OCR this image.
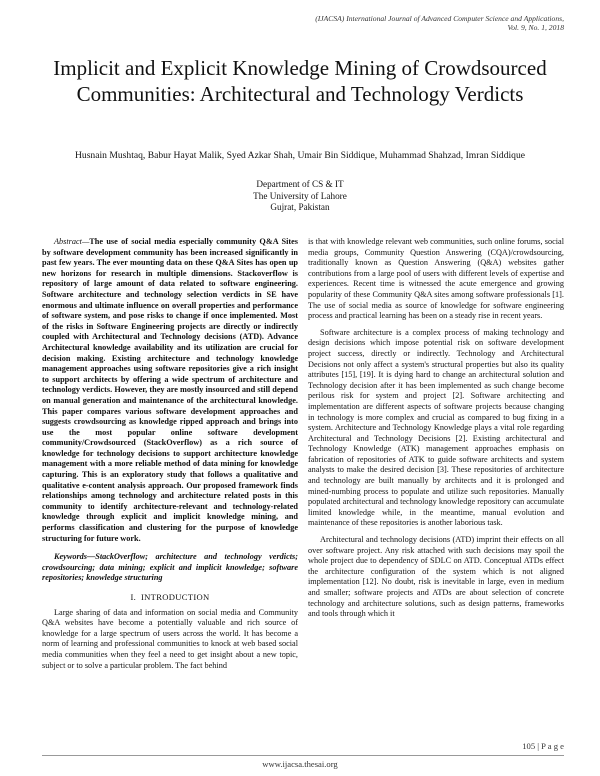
(IJACSA) International Journal of Advanced Computer Science and Applications,
Vol. 9, No. 1, 2018
Implicit and Explicit Knowledge Mining of Crowdsourced Communities: Architectural and Technology Verdicts
Husnain Mushtaq, Babur Hayat Malik, Syed Azkar Shah, Umair Bin Siddique, Muhammad Shahzad, Imran Siddique
Department of CS & IT
The University of Lahore
Gujrat, Pakistan

Abstract—The use of social media especially community Q&A Sites by software development community has been increased significantly in past few years. The ever mounting data on these Q&A Sites has open up new horizons for research in multiple dimensions. Stackoverflow is repository of large amount of data related to software engineering. Software architecture and technology selection verdicts in SE have enormous and ultimate influence on overall properties and performance of software system, and pose risks to change if once implemented. Most of the risks in Software Engineering projects are directly or indirectly coupled with Architectural and Technology decisions (ATD). Advance Architectural knowledge availability and its utilization are crucial for decision making. Existing architecture and technology knowledge management approaches using software repositories give a rich insight to support architects by offering a wide spectrum of architecture and technology verdicts. However, they are mostly insourced and still depend on manual generation and maintenance of the architectural knowledge. This paper compares various software development approaches and suggests crowdsourcing as knowledge ripped approach and brings into use the most popular online software development community/Crowdsourced (StackOverflow) as a rich source of knowledge for technology decisions to support architecture knowledge management with a more reliable method of data mining for knowledge capturing. This is an exploratory study that follows a qualitative and qualitative e-content analysis approach. Our proposed framework finds relationships among technology and architecture related posts in this community to identify architecture-relevant and technology-related knowledge through explicit and implicit knowledge mining, and performs classification and clustering for the purpose of knowledge structuring for future work.

Keywords—StackOverflow; architecture and technology verdicts; crowdsourcing; data mining; explicit and implicit knowledge; software repositories; knowledge structuring

I. INTRODUCTION

Large sharing of data and information on social media and Community Q&A websites have become a potentially valuable and rich source of knowledge for a large spectrum of users across the world. It has become a norm of learning and professional communities to knock at web based social media communities when they feel a need to get insight about a new topic, subject or to solve a particular problem. The fact behind

is that with knowledge relevant web communities, such online forums, social media groups, Community Question Answering (CQA)/crowdsourcing, traditionally known as Question Answering (Q&A) websites gather contributions from a large pool of users with different levels of expertise and experiences. Recent time is witnessed the acute emergence and growing popularity of these Community Q&A sites among software professionals [1]. The use of social media as source of knowledge for software engineering process and practical learning has been on a steady rise in recent years.

Software architecture is a complex process of making technology and design decisions which impose potential risk on software development project success, directly or indirectly. Technology and Architectural Decisions not only affect a system's structural properties but also its quality attributes [15], [19]. It is dying hard to change an architectural solution and Technology decision after it has been implemented as such change become perilous risk for system and project [2]. Software architecting and implementation are different aspects of software projects because changing in technology is more complex and crucial as compared to bug fixing in a system. Architecture and Technology Knowledge plays a vital role regarding Architectural and Technology Decisions [2]. Existing architectural and Technology Knowledge (ATK) management approaches emphasis on fabrication of repositories of ATK to guide software architects and system analysts to make the desired decision [3]. These repositories of architecture and technology are built manually by architects and it is prolonged and mined-numbing process to populate and utilize such repositories. Manually populated architectural and technology knowledge repository can accumulate limited knowledge while, in the meantime, manual evolution and maintenance of these repositories is another laborious task.

Architectural and technology decisions (ATD) imprint their effects on all over software project. Any risk attached with such decisions may spoil the whole project due to dependency of SDLC on ATD. Conceptual ATDs effect the architecture configuration of the system which is not aligned implementation [12]. No doubt, risk is inevitable in large, even in medium and smaller; software projects and ATDs are about selection of concrete technology and architecture solutions, such as design patterns, frameworks and tools through which it

105 | P a g e
www.ijacsa.thesai.org
